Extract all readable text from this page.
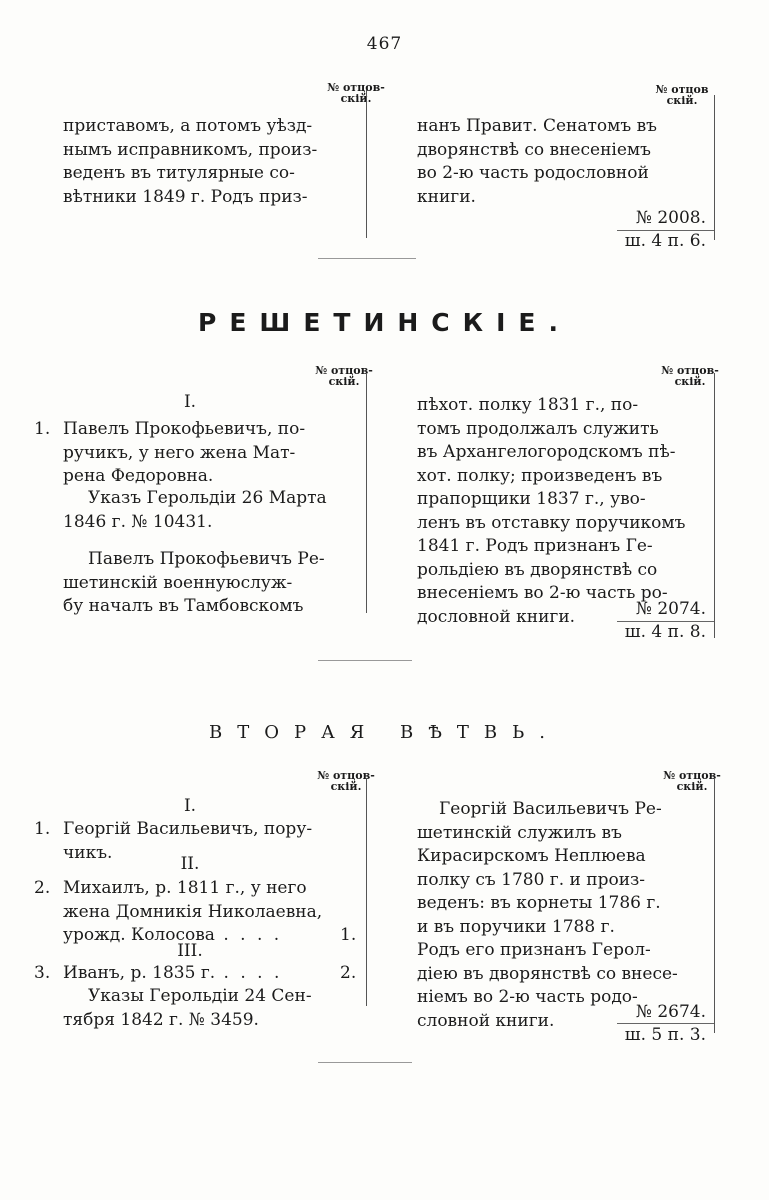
467
№ отцов-
скій.
№ отцов
скій.
приставомъ, а потомъ уѣзд-
нымъ исправникомъ, произ-
веденъ въ титулярные со-
вѣтники 1849 г. Родъ приз-
нанъ Правит. Сенатомъ въ
дворянствѣ со внесеніемъ
во 2-ю часть родословной
книги.
№ 2008.
ш. 4 п. 6.
РЕШЕТИНСКІЕ.
№ отцов-
скій.
№ отцов-
скій.
I.
1. Павелъ Прокофьевичъ, по-
ручикъ, у него жена Мат-
рена Федоровна.
Указъ Герольдіи 26 Марта
1846 г. № 10431.
Павелъ Прокофьевичъ Ре-
шетинскій военнуюслуж-
бу началъ въ Тамбовскомъ
пѣхот. полку 1831 г., по-
томъ продолжалъ служить
въ Архангелогородскомъ пѣ-
хот. полку; произведенъ въ
прапорщики 1837 г., уво-
ленъ въ отставку поручикомъ
1841 г. Родъ признанъ Ге-
рольдіею въ дворянствѣ со
внесеніемъ во 2-ю часть ро-
дословной книги.	№ 2074.
ш. 4 п. 8.
ВТОРАЯ ВѢТВЬ.
№ отцов-
скій.
№ отцов-
скій.
I.
1. Георгій Васильевичъ, пору-
чикъ.
II.
2. Михаилъ, р. 1811 г., у него
жена Домникія Николаевна,
урожд. Колосова . . . .	1.
III.
3. Иванъ, р. 1835 г. . . . .	2.
Указы Герольдіи 24 Сен-
тября 1842 г. № 3459.
Георгій Васильевичъ Ре-
шетинскій служилъ въ
Кирасирскомъ Неплюева
полку съ 1780 г. и произ-
веденъ: въ корнеты 1786 г.
и въ поручики 1788 г.
Родъ его признанъ Герол-
діею въ дворянствѣ со внесе-
ніемъ во 2-ю часть родо-
словной книги.	№ 2674.
ш. 5 п. 3.
